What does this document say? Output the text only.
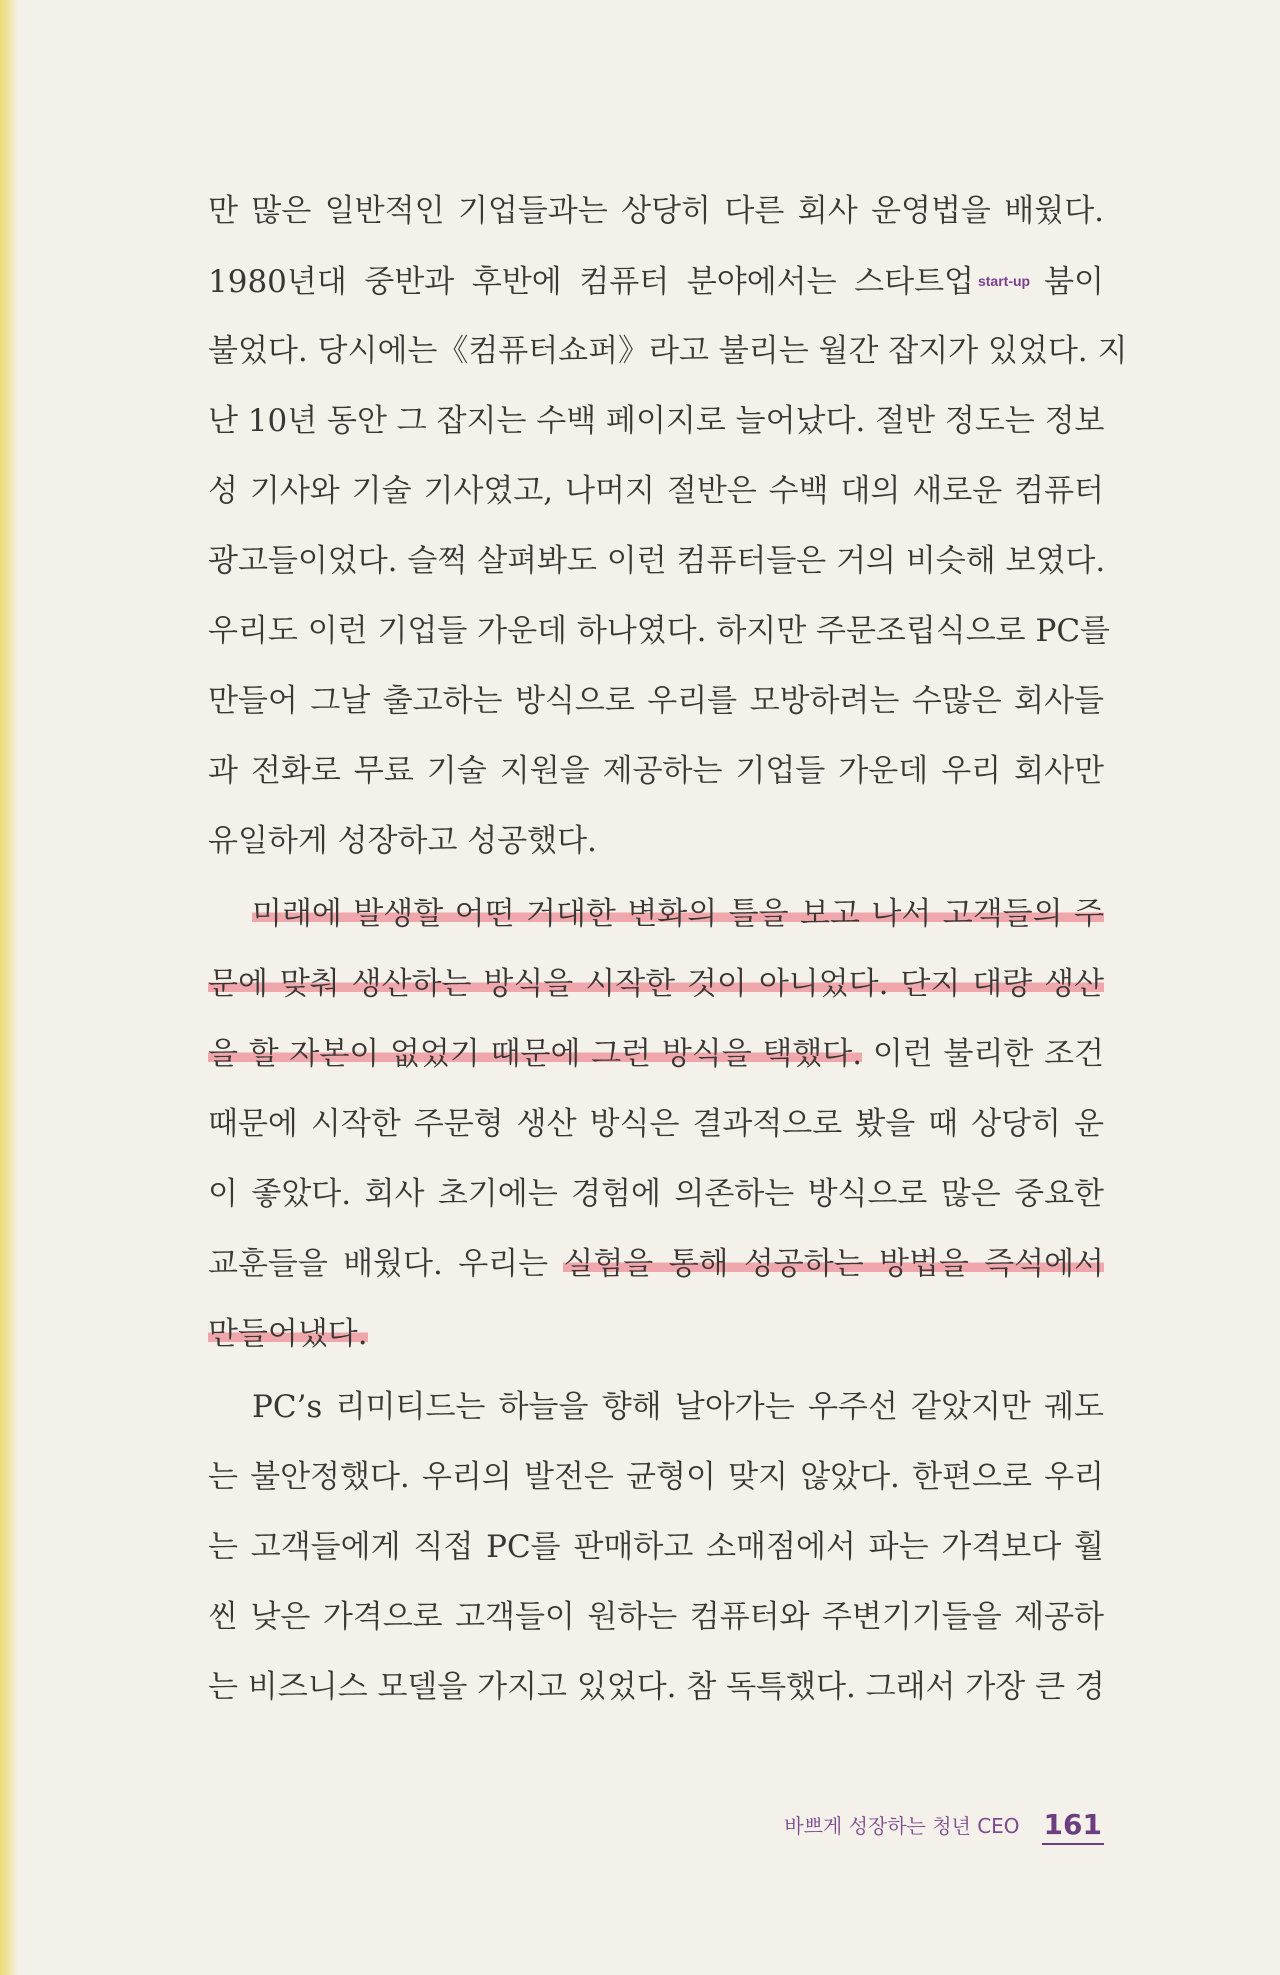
만 많은 일반적인 기업들과는 상당히 다른 회사 운영법을 배웠다.
1980년대 중반과 후반에 컴퓨터 분야에서는 스타트업 start-up 붐이
불었다. 당시에는《컴퓨터쇼퍼》라고 불리는 월간 잡지가 있었다. 지
난 10년 동안 그 잡지는 수백 페이지로 늘어났다. 절반 정도는 정보
성 기사와 기술 기사였고, 나머지 절반은 수백 대의 새로운 컴퓨터
광고들이었다. 슬쩍 살펴봐도 이런 컴퓨터들은 거의 비슷해 보였다.
우리도 이런 기업들 가운데 하나였다. 하지만 주문조립식으로 PC를
만들어 그날 출고하는 방식으로 우리를 모방하려는 수많은 회사들
과 전화로 무료 기술 지원을 제공하는 기업들 가운데 우리 회사만
유일하게 성장하고 성공했다.
미래에 발생할 어떤 거대한 변화의 틀을 보고 나서 고객들의 주
문에 맞춰 생산하는 방식을 시작한 것이 아니었다. 단지 대량 생산
을 할 자본이 없었기 때문에 그런 방식을 택했다. 이런 불리한 조건
때문에 시작한 주문형 생산 방식은 결과적으로 봤을 때 상당히 운
이 좋았다. 회사 초기에는 경험에 의존하는 방식으로 많은 중요한
교훈들을 배웠다. 우리는 실험을 통해 성공하는 방법을 즉석에서
만들어냈다.
PC’s 리미티드는 하늘을 향해 날아가는 우주선 같았지만 궤도
는 불안정했다. 우리의 발전은 균형이 맞지 않았다. 한편으로 우리
는 고객들에게 직접 PC를 판매하고 소매점에서 파는 가격보다 훨
씬 낮은 가격으로 고객들이 원하는 컴퓨터와 주변기기들을 제공하
는 비즈니스 모델을 가지고 있었다. 참 독특했다. 그래서 가장 큰 경
바쁘게 성장하는 청년 CEO 161
